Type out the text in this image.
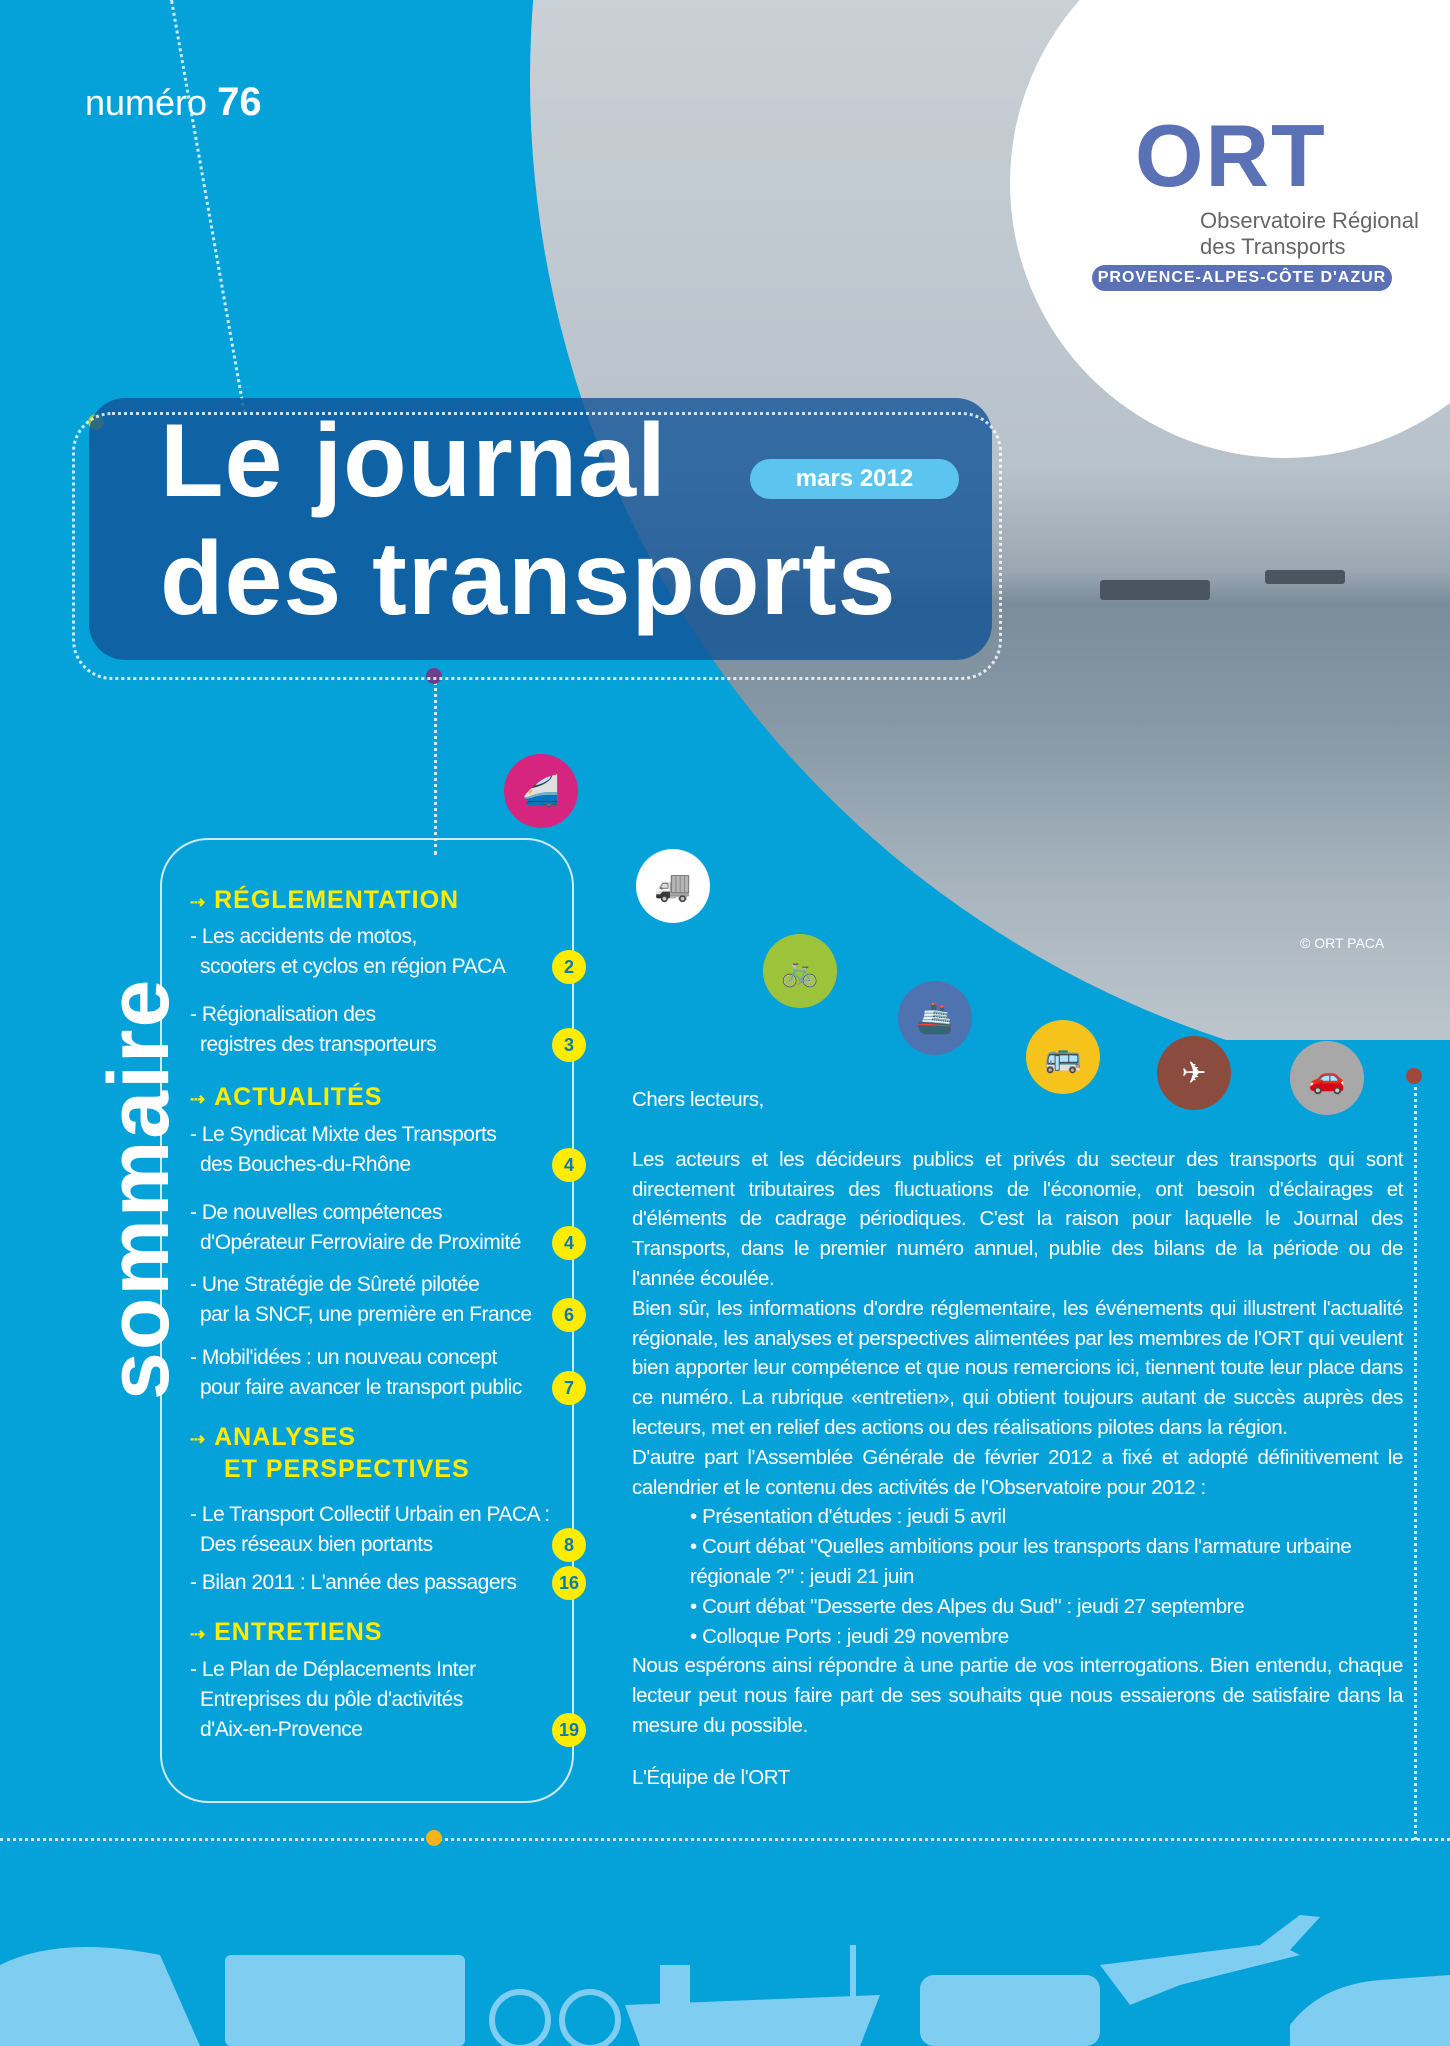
ORT
Observatoire Régional
des Transports
PROVENCE-ALPES-CÔTE D'AZUR
numéro 76
Le journal
des transports
mars 2012
© ORT PACA
🚄
🚚
🚲
🚢
🚌	✈	🚗
sommaire
⇢ RÉGLEMENTATION
- Les accidents de motos,
scooters et cyclos en région PACA	2
- Régionalisation des
registres des transporteurs	3
⇢ ACTUALITÉS
- Le Syndicat Mixte des Transports
des Bouches-du-Rhône	4
- De nouvelles compétences
d'Opérateur Ferroviaire de Proximité	4
- Une Stratégie de Sûreté pilotée
par la SNCF, une première en France	6
- Mobil'idées : un nouveau concept
pour faire avancer le transport public	7
⇢ ANALYSES
ET PERSPECTIVES
- Le Transport Collectif Urbain en PACA :
Des réseaux bien portants	8
- Bilan 2011 : L'année des passagers	16
⇢ ENTRETIENS
- Le Plan de Déplacements Inter
Entreprises du pôle d'activités
d'Aix-en-Provence	19

Chers lecteurs,

Les acteurs et les décideurs publics et privés du secteur des transports qui sont directement tributaires des fluctuations de l'économie, ont besoin d'éclairages et d'éléments de cadrage périodiques. C'est la raison pour laquelle le Journal des Transports, dans le premier numéro annuel, publie des bilans de la période ou de l'année écoulée.

Bien sûr, les informations d'ordre réglementaire, les événements qui illustrent l'actualité régionale, les analyses et perspectives alimentées par les membres de l'ORT qui veulent bien apporter leur compétence et que nous remercions ici, tiennent toute leur place dans ce numéro. La rubrique «entretien», qui obtient toujours autant de succès auprès des lecteurs, met en relief des actions ou des réalisations pilotes dans la région.

D'autre part l'Assemblée Générale de février 2012 a fixé et adopté définitivement le calendrier et le contenu des activités de l'Observatoire pour 2012 :

• Présentation d'études : jeudi 5 avril
• Court débat "Quelles ambitions pour les transports dans l'armature urbaine régionale ?" : jeudi 21 juin
• Court débat "Desserte des Alpes du Sud" : jeudi 27 septembre
• Colloque Ports : jeudi 29 novembre

Nous espérons ainsi répondre à une partie de vos interrogations. Bien entendu, chaque lecteur peut nous faire part de ses souhaits que nous essaierons de satisfaire dans la mesure du possible.

L'Équipe de l'ORT
